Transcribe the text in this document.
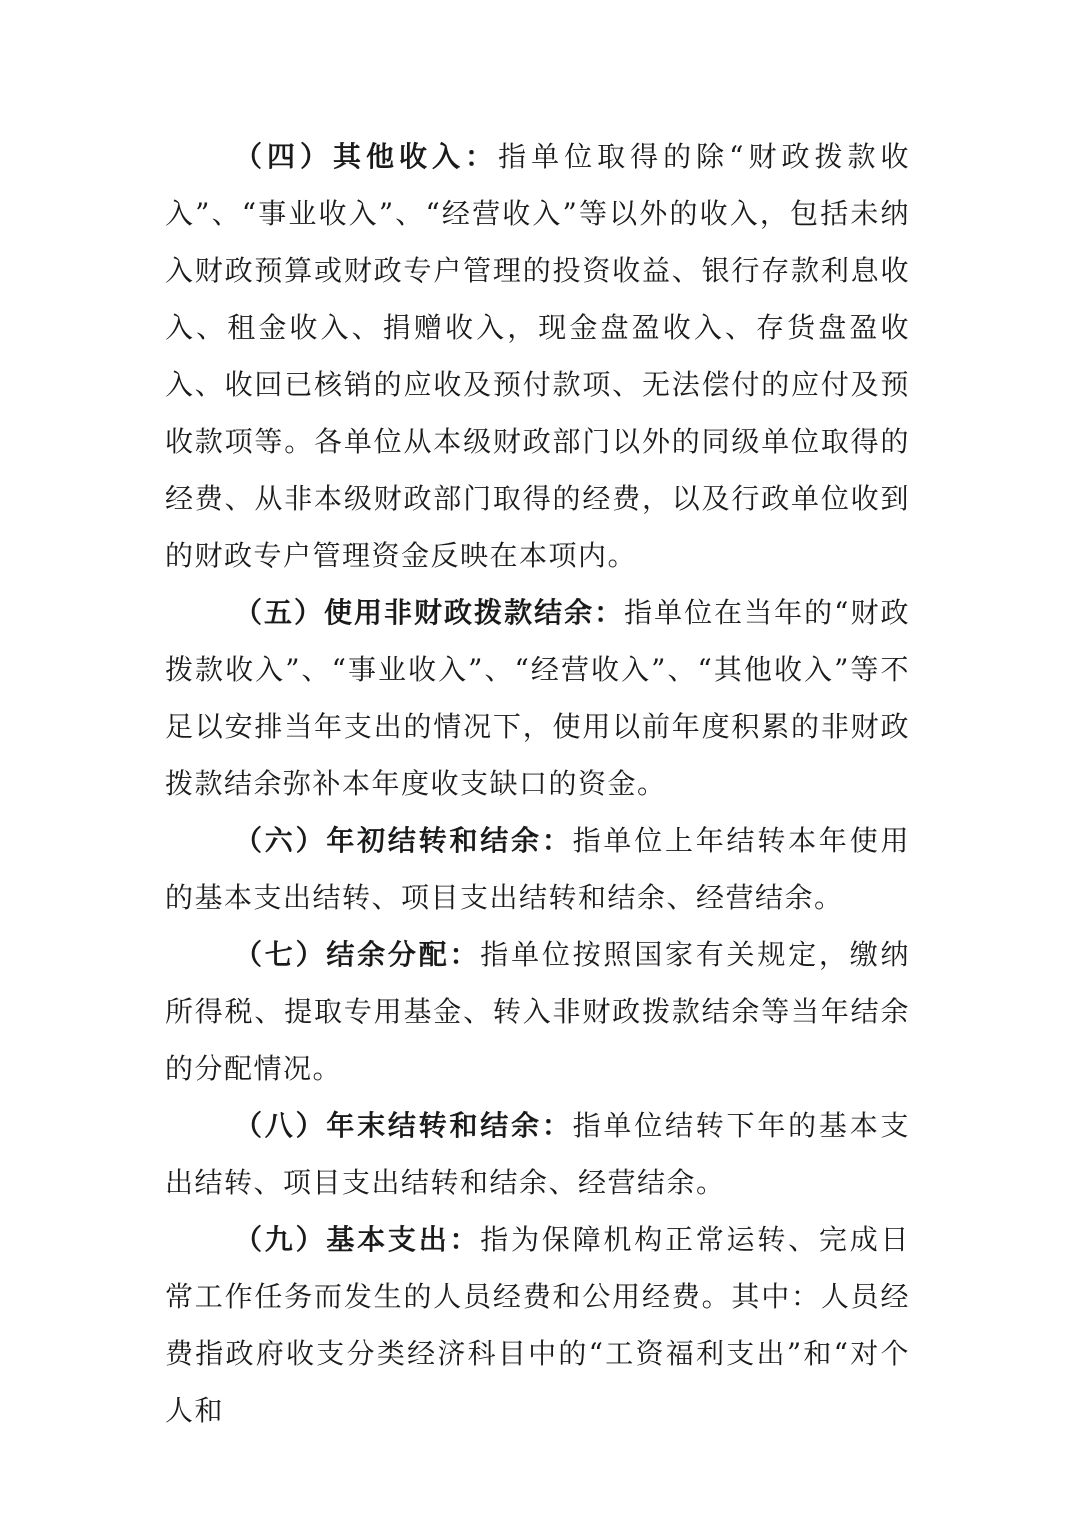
（四）其他收入：指单位取得的除“财政拨款收入”、“事业收入”、“经营收入”等以外的收入，包括未纳入财政预算或财政专户管理的投资收益、银行存款利息收入、租金收入、捐赠收入，现金盘盈收入、存货盘盈收入、收回已核销的应收及预付款项、无法偿付的应付及预收款项等。各单位从本级财政部门以外的同级单位取得的经费、从非本级财政部门取得的经费，以及行政单位收到的财政专户管理资金反映在本项内。

（五）使用非财政拨款结余：指单位在当年的“财政拨款收入”、“事业收入”、“经营收入”、“其他收入”等不足以安排当年支出的情况下，使用以前年度积累的非财政拨款结余弥补本年度收支缺口的资金。

（六）年初结转和结余：指单位上年结转本年使用的基本支出结转、项目支出结转和结余、经营结余。

（七）结余分配：指单位按照国家有关规定，缴纳所得税、提取专用基金、转入非财政拨款结余等当年结余的分配情况。

（八）年末结转和结余：指单位结转下年的基本支出结转、项目支出结转和结余、经营结余。

（九）基本支出：指为保障机构正常运转、完成日常工作任务而发生的人员经费和公用经费。其中：人员经费指政府收支分类经济科目中的“工资福利支出”和“对个人和
